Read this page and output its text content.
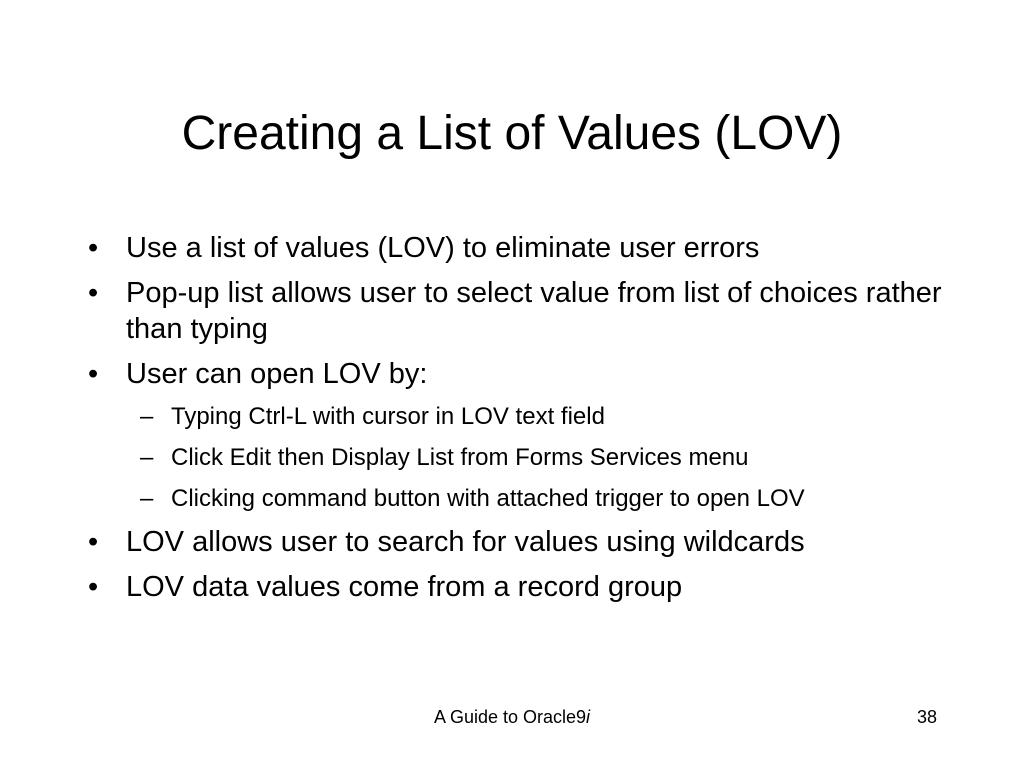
Creating a List of Values (LOV)
• Use a list of values (LOV) to eliminate user errors
• Pop-up list allows user to select value from list of choices rather than typing
• User can open LOV by:
– Typing Ctrl-L with cursor in LOV text field
– Click Edit then Display List from Forms Services menu
– Clicking command button with attached trigger to open LOV
• LOV allows user to search for values using wildcards
• LOV data values come from a record group
A Guide to Oracle9i	38
